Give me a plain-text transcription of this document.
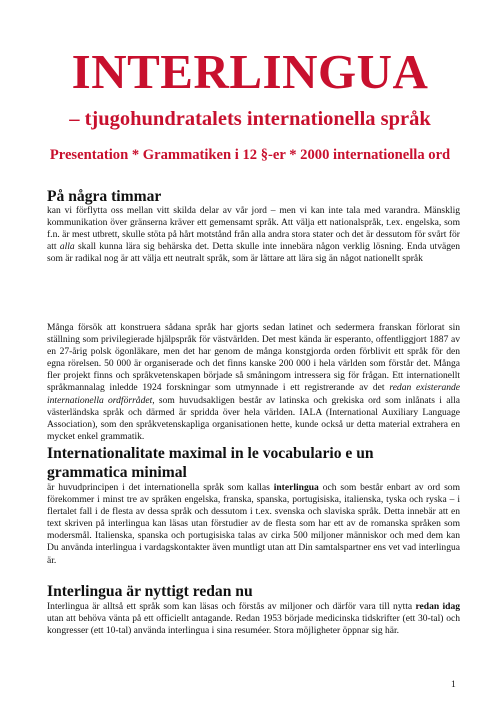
INTERLINGUA
– tjugohundratalets internationella språk
Presentation * Grammatiken i 12 §-er * 2000 internationella ord
På några timmar

kan vi förflytta oss mellan vitt skilda delar av vår jord – men vi kan inte tala med varandra. Mänsklig kommunikation över gränserna kräver ett gemensamt språk. Att välja ett nationalspråk, t.ex. engelska, som f.n. är mest utbrett, skulle stöta på hårt motstånd från alla andra stora stater och det är dessutom för svårt för att alla skall kunna lära sig behärska det. Detta skulle inte innebära någon verklig lösning. Enda utvägen som är radikal nog är att välja ett neutralt språk, som är lättare att lära sig än något nationellt språk

Många försök att konstruera sådana språk har gjorts sedan latinet och sedermera franskan förlorat sin ställning som privilegierade hjälpspråk för västvärlden. Det mest kända är esperanto, offentliggjort 1887 av en 27-årig polsk ögonläkare, men det har genom de många konstgjorda orden förblivit ett språk för den egna rörelsen. 50 000 är organiserade och det finns kanske 200 000 i hela världen som förstår det. Många fler projekt finns och språkvetenskapen började så småningom intressera sig för frågan. Ett internationellt språkmannalag inledde 1924 forskningar som utmynnade i ett registrerande av det redan existerande internationella ordförrådet, som huvudsakligen består av latinska och grekiska ord som inlånats i alla västerländska språk och därmed är spridda över hela världen. IALA (International Auxiliary Language Association), som den språkvetenskapliga organisationen hette, kunde också ur detta material extrahera en mycket enkel grammatik.

Internationalitate maximal in le vocabulario e un grammatica minimal

är huvudprincipen i det internationella språk som kallas interlingua och som består enbart av ord som förekommer i minst tre av språken engelska, franska, spanska, portugisiska, italienska, tyska och ryska – i flertalet fall i de flesta av dessa språk och dessutom i t.ex. svenska och slaviska språk. Detta innebär att en text skriven på interlingua kan läsas utan förstudier av de flesta som har ett av de romanska språken som modersmål. Italienska, spanska och portugisiska talas av cirka 500 miljoner människor och med dem kan Du använda interlingua i vardagskontakter även muntligt utan att Din samtalspartner ens vet vad interlingua är.

Interlingua är nyttigt redan nu

Interlingua är alltså ett språk som kan läsas och förstås av miljoner och därför vara till nytta redan idag utan att behöva vänta på ett officiellt antagande. Redan 1953 började medicinska tidskrifter (ett 30-tal) och kongresser (ett 10-tal) använda interlingua i sina resuméer. Stora möjligheter öppnar sig här.

1
